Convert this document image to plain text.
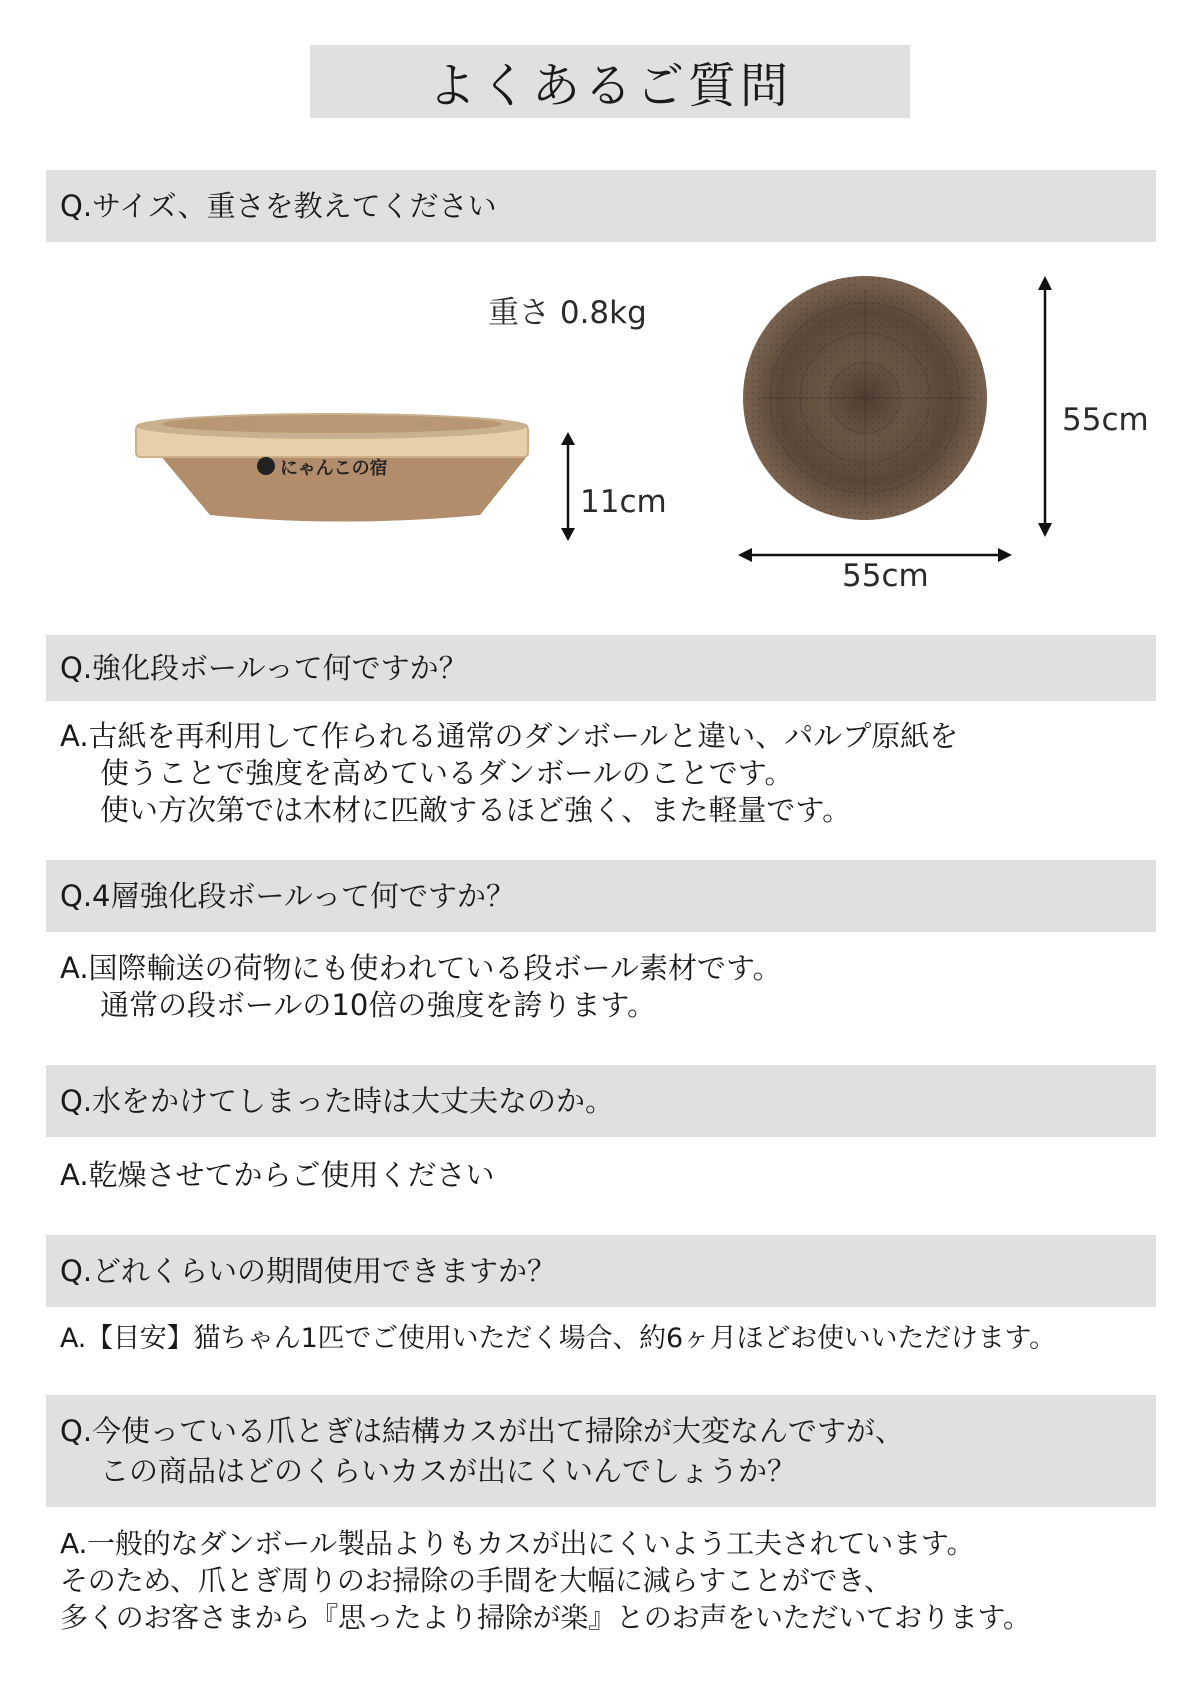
よくあるご質問
Q.サイズ、重さを教えてください
にゃんこの宿
重さ 0.8kg
11cm
55cm
55cm
Q.強化段ボールって何ですか？
A.古紙を再利用して作られる通常のダンボールと違い、パルプ原紙を
使うことで強度を高めているダンボールのことです。
使い方次第では木材に匹敵するほど強く、また軽量です。
Q.4層強化段ボールって何ですか？
A.国際輸送の荷物にも使われている段ボール素材です。
通常の段ボールの10倍の強度を誇ります。
Q.水をかけてしまった時は大丈夫なのか。
A.乾燥させてからご使用ください
Q.どれくらいの期間使用できますか？
A.【目安】猫ちゃん1匹でご使用いただく場合、約6ヶ月ほどお使いいただけます。
Q.今使っている爪とぎは結構カスが出て掃除が大変なんですが、
この商品はどのくらいカスが出にくいんでしょうか？
A.一般的なダンボール製品よりもカスが出にくいよう工夫されています。
そのため、爪とぎ周りのお掃除の手間を大幅に減らすことができ、
多くのお客さまから『思ったより掃除が楽』とのお声をいただいております。
